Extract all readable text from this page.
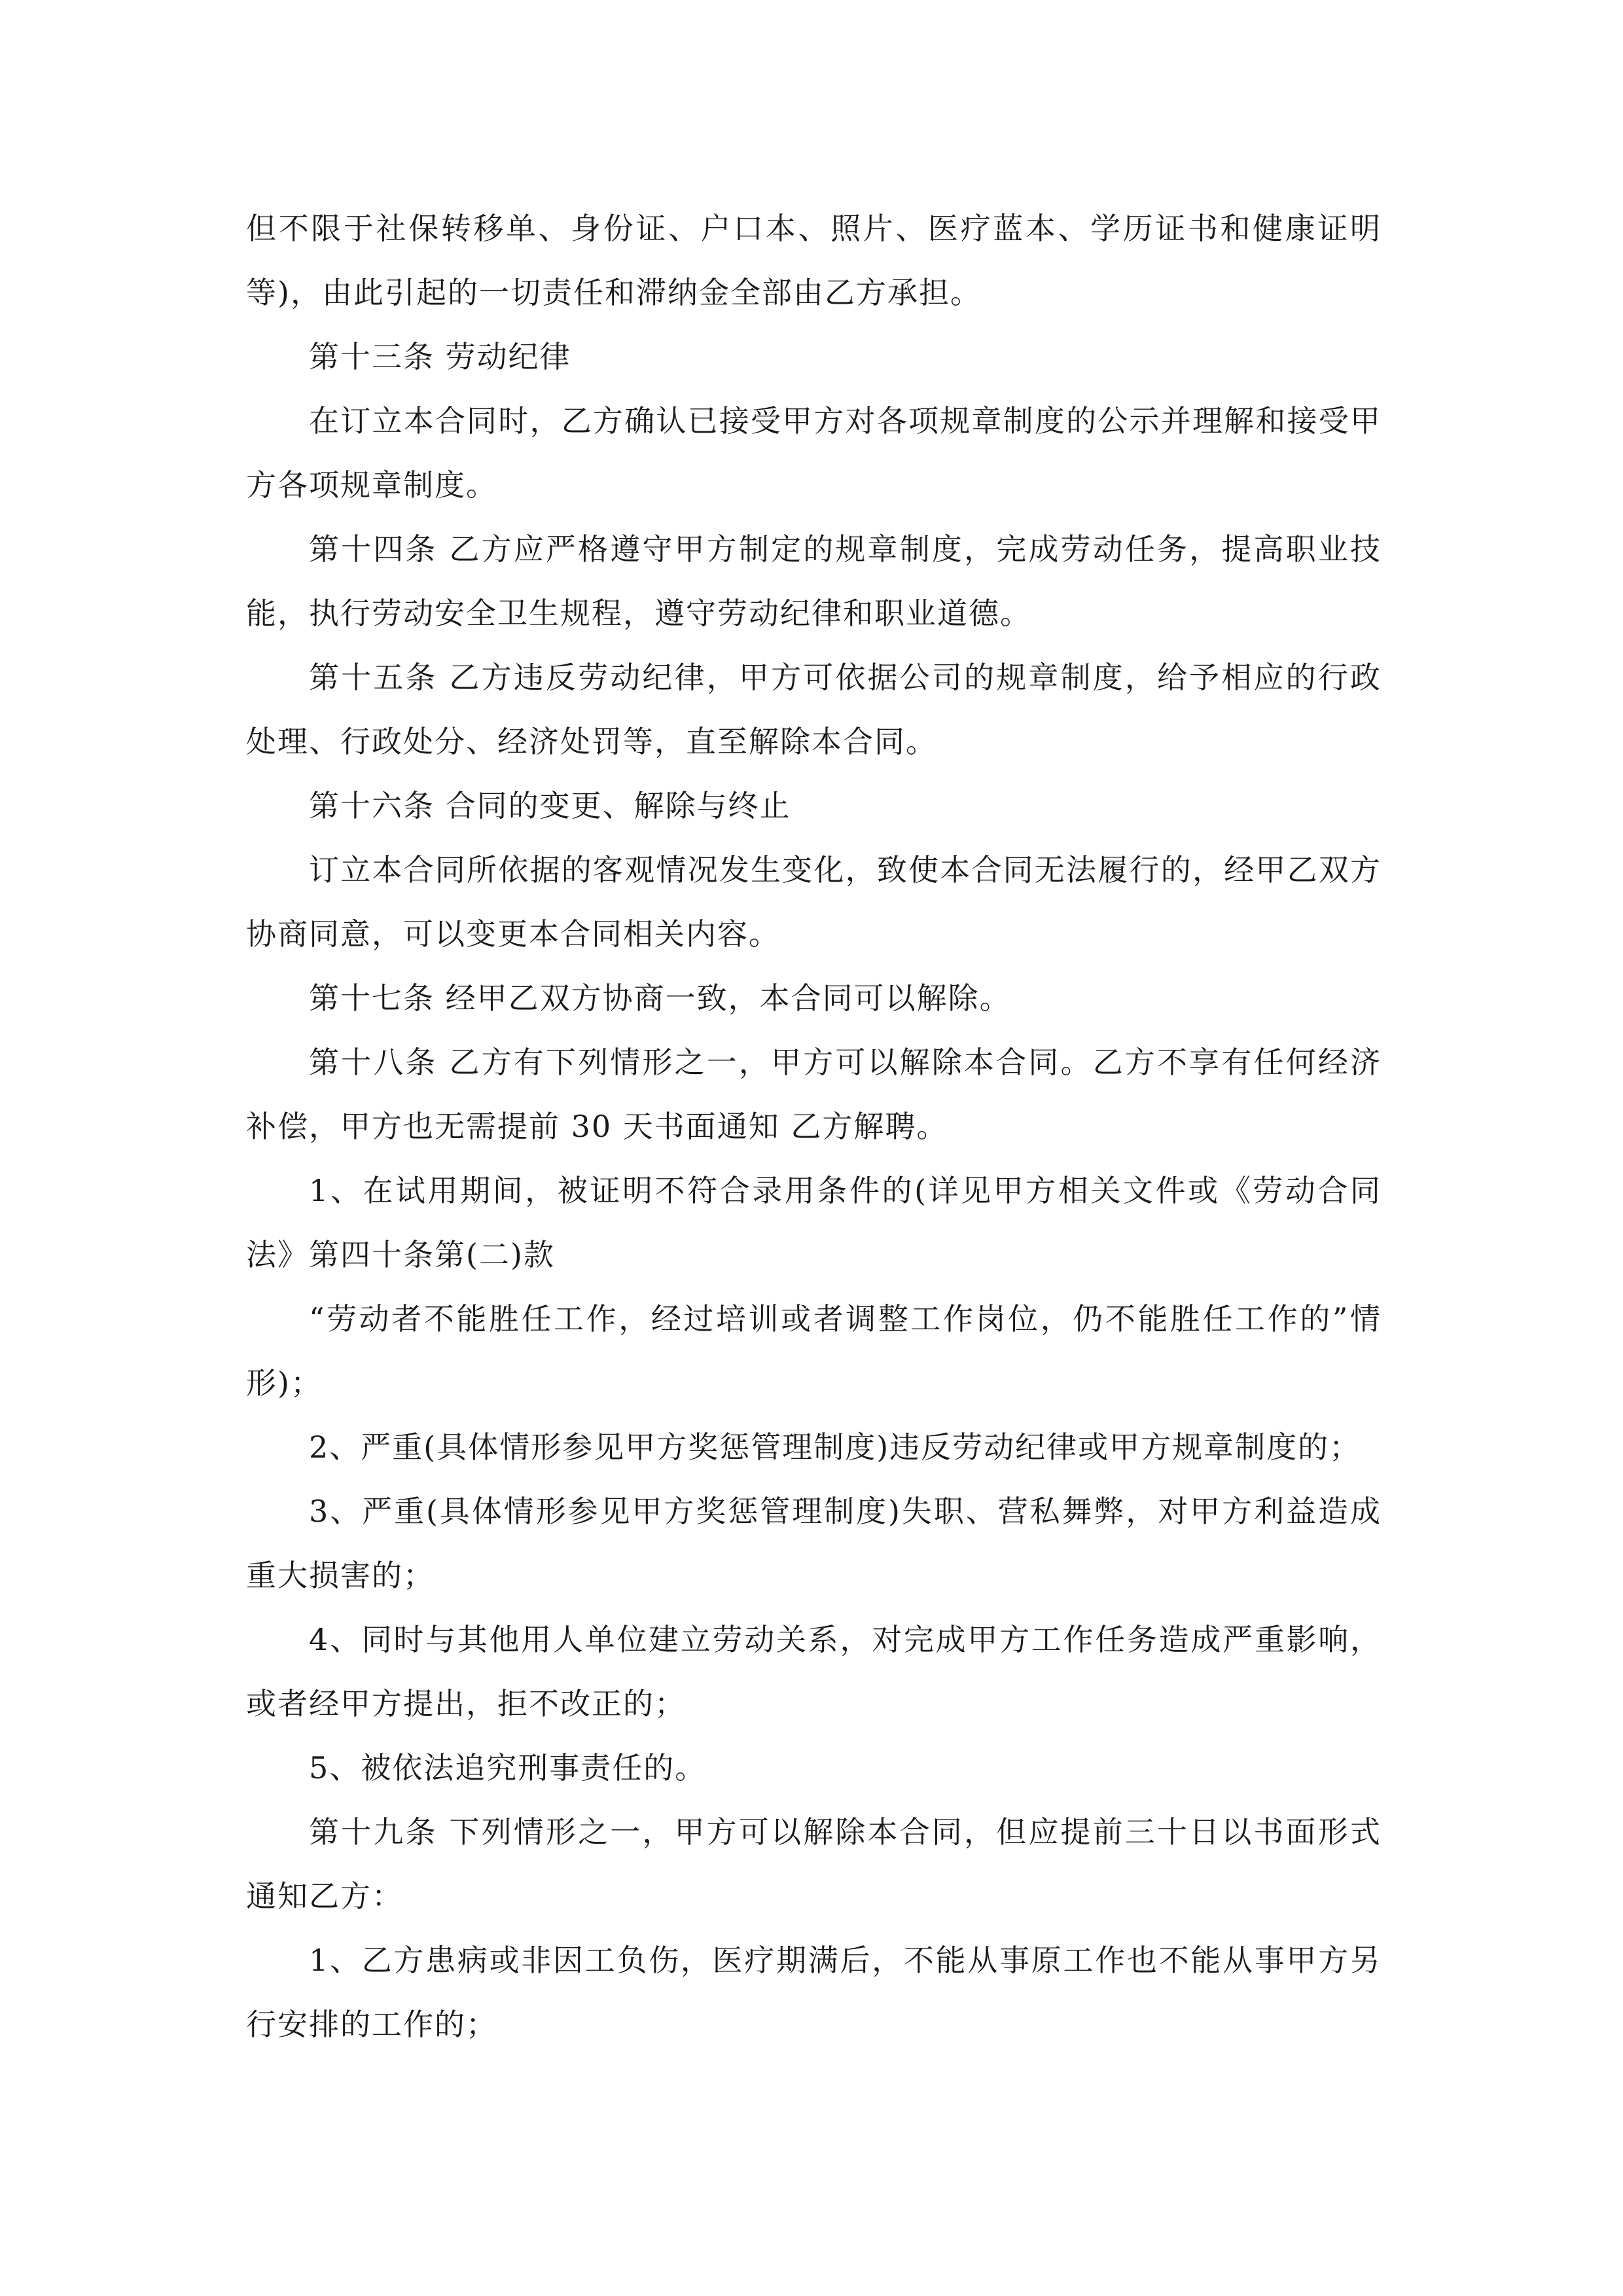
但不限于社保转移单、身份证、户口本、照片、医疗蓝本、学历证书和健康证明等)，由此引起的一切责任和滞纳金全部由乙方承担。

第十三条 劳动纪律

在订立本合同时，乙方确认已接受甲方对各项规章制度的公示并理解和接受甲方各项规章制度。

第十四条 乙方应严格遵守甲方制定的规章制度，完成劳动任务，提高职业技能，执行劳动安全卫生规程，遵守劳动纪律和职业道德。

第十五条 乙方违反劳动纪律，甲方可依据公司的规章制度，给予相应的行政处理、行政处分、经济处罚等，直至解除本合同。

第十六条 合同的变更、解除与终止

订立本合同所依据的客观情况发生变化，致使本合同无法履行的，经甲乙双方协商同意，可以变更本合同相关内容。

第十七条 经甲乙双方协商一致，本合同可以解除。

第十八条 乙方有下列情形之一，甲方可以解除本合同。乙方不享有任何经济补偿，甲方也无需提前 30 天书面通知 乙方解聘。

1、在试用期间，被证明不符合录用条件的(详见甲方相关文件或《劳动合同法》第四十条第(二)款

“劳动者不能胜任工作，经过培训或者调整工作岗位，仍不能胜任工作的”情形)；

2、严重(具体情形参见甲方奖惩管理制度)违反劳动纪律或甲方规章制度的；

3、严重(具体情形参见甲方奖惩管理制度)失职、营私舞弊，对甲方利益造成重大损害的；

4、同时与其他用人单位建立劳动关系，对完成甲方工作任务造成严重影响，或者经甲方提出，拒不改正的；

5、被依法追究刑事责任的。

第十九条 下列情形之一，甲方可以解除本合同，但应提前三十日以书面形式通知乙方：

1、乙方患病或非因工负伤，医疗期满后，不能从事原工作也不能从事甲方另行安排的工作的；
